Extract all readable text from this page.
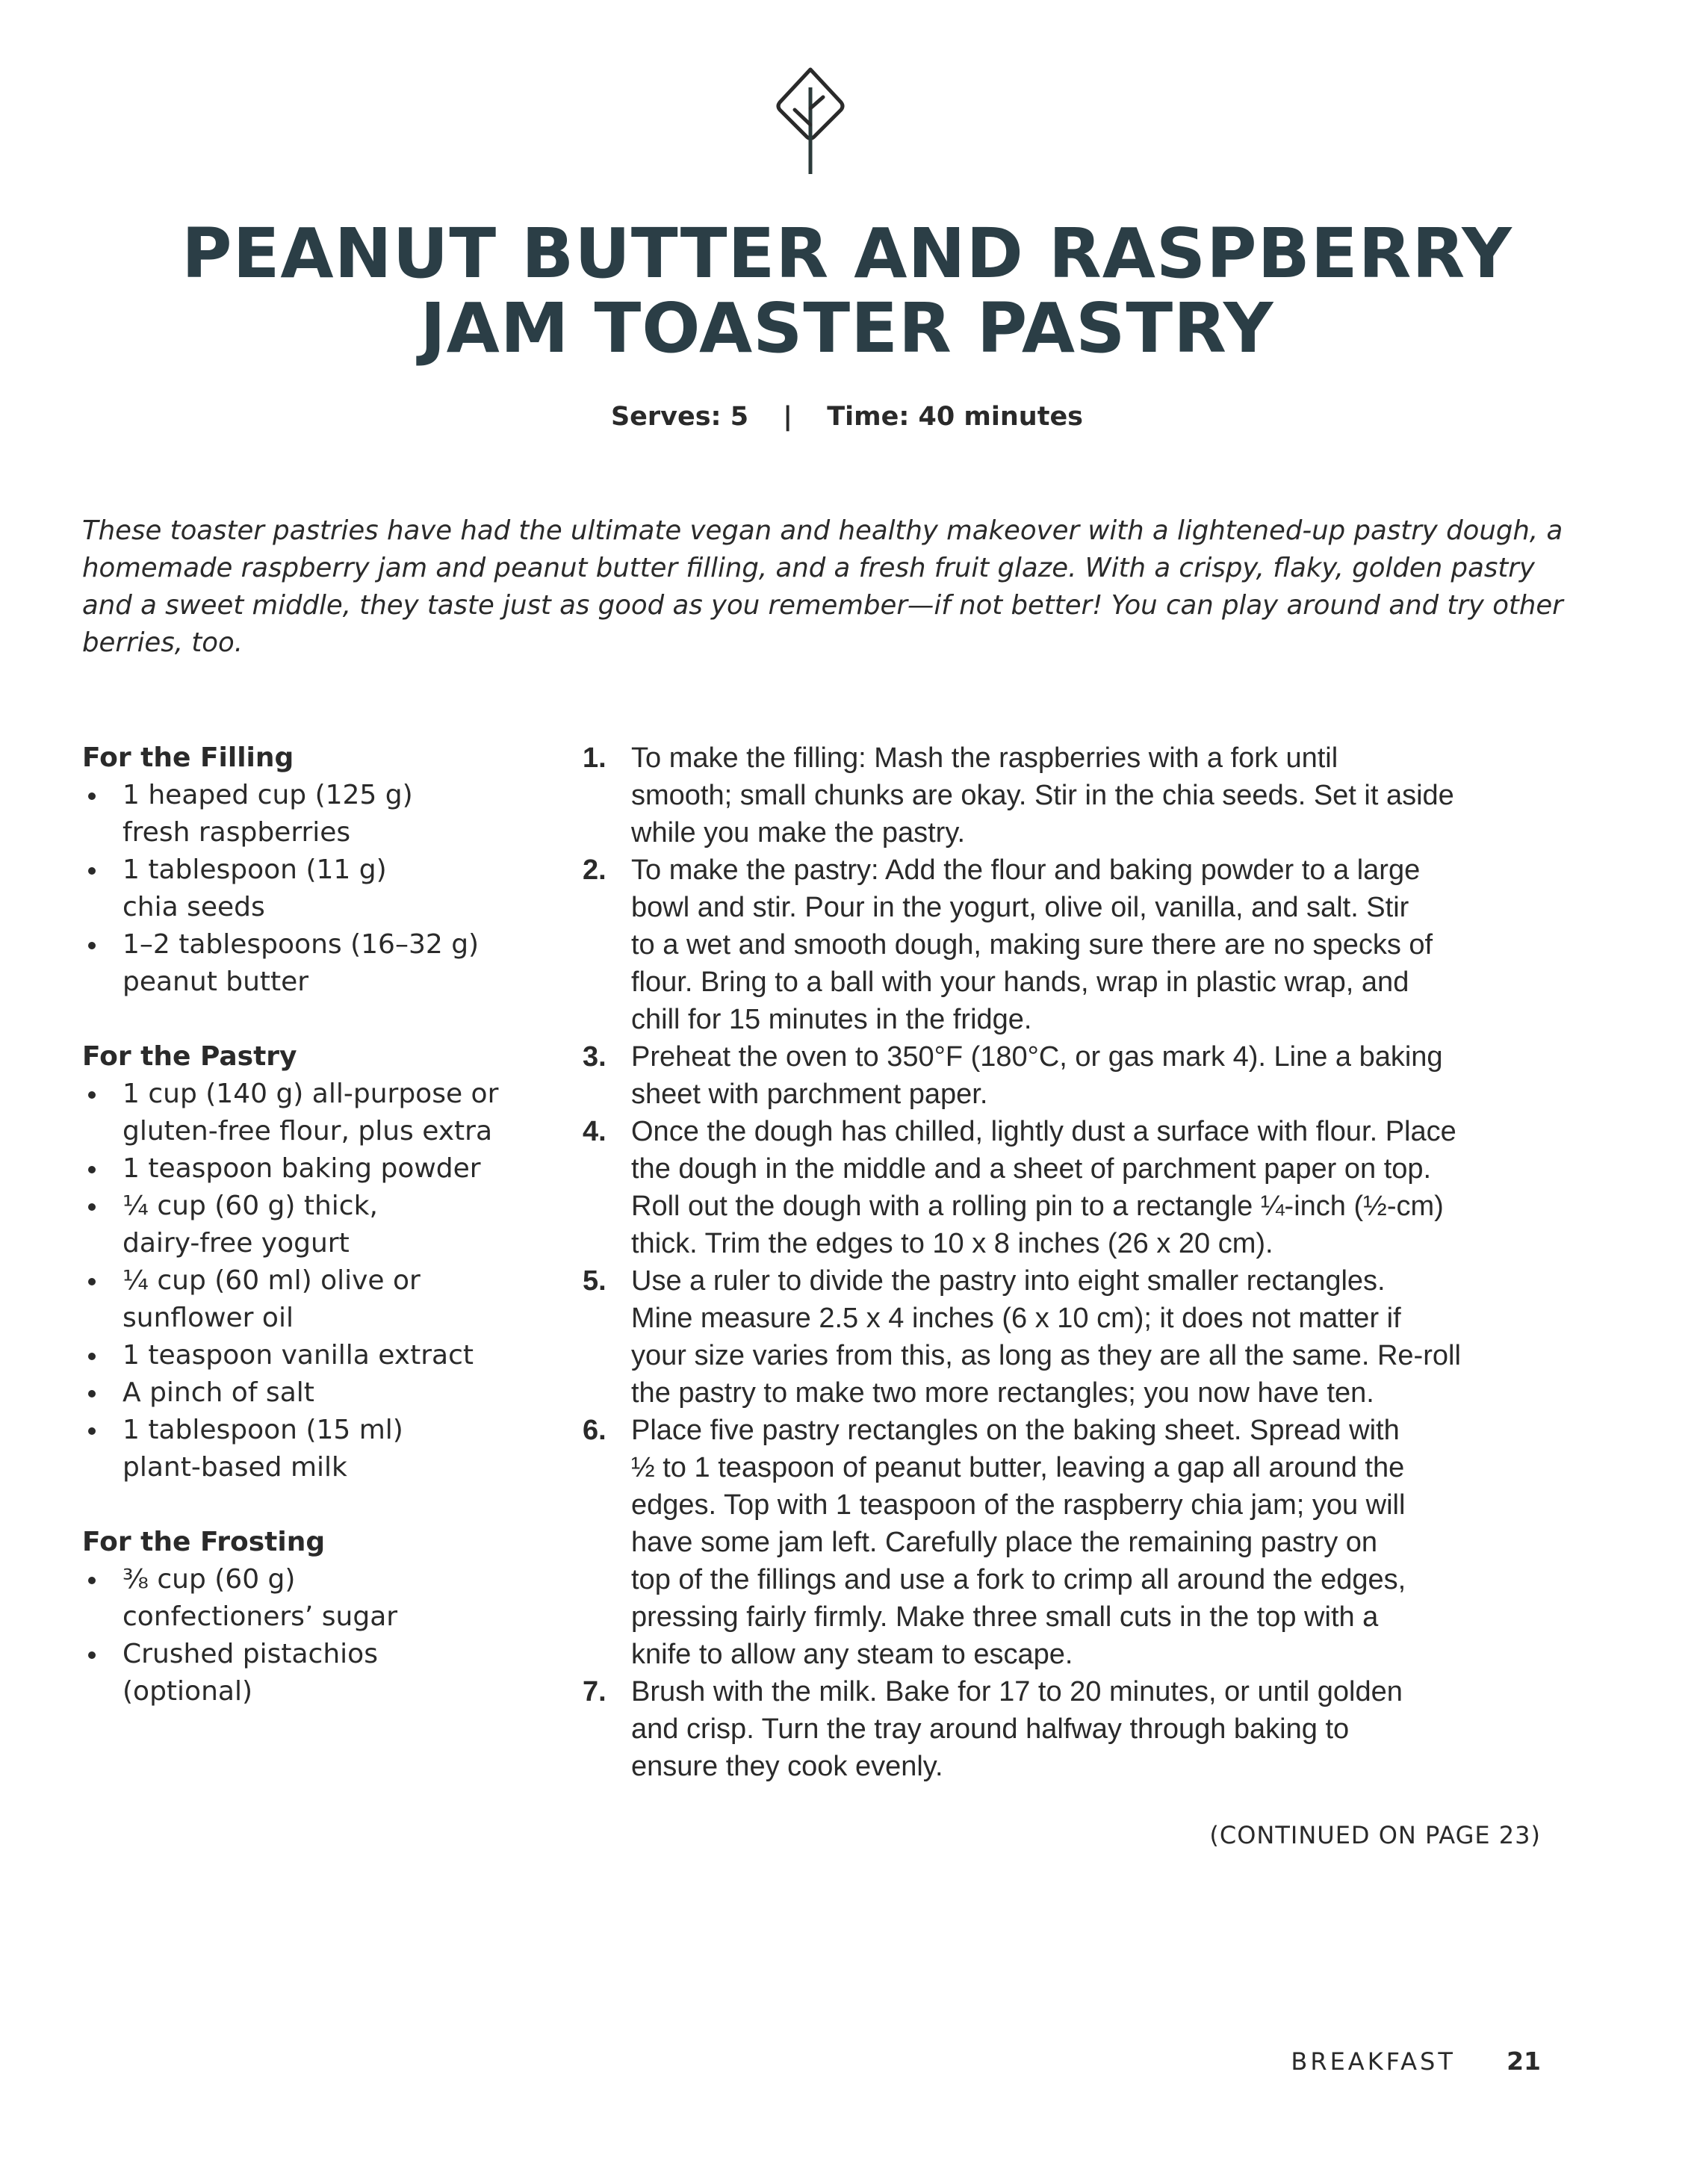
PEANUT BUTTER AND RASPBERRY
JAM TOASTER PASTRY
Serves: 5 | Time: 40 minutes

These toaster pastries have had the ultimate vegan and healthy makeover with a lightened-up pastry dough, a homemade raspberry jam and peanut butter filling, and a fresh fruit glaze. With a crispy, flaky, golden pastry and a sweet middle, they taste just as good as you remember—if not better! You can play around and try other berries, too.

For the Filling
1 heaped cup (125 g)
fresh raspberries
1 tablespoon (11 g)
chia seeds
1–2 tablespoons (16–32 g)
peanut butter
For the Pastry
1 cup (140 g) all-purpose or
gluten-free flour, plus extra
1 teaspoon baking powder
¼ cup (60 g) thick,
dairy-free yogurt
¼ cup (60 ml) olive or
sunflower oil
1 teaspoon vanilla extract
A pinch of salt
1 tablespoon (15 ml)
plant-based milk
For the Frosting
⅜ cup (60 g)
confectioners’ sugar
Crushed pistachios
(optional)
1. To make the filling: Mash the raspberries with a fork until
smooth; small chunks are okay. Stir in the chia seeds. Set it aside
while you make the pastry.
2. To make the pastry: Add the flour and baking powder to a large
bowl and stir. Pour in the yogurt, olive oil, vanilla, and salt. Stir
to a wet and smooth dough, making sure there are no specks of
flour. Bring to a ball with your hands, wrap in plastic wrap, and
chill for 15 minutes in the fridge.
3. Preheat the oven to 350°F (180°C, or gas mark 4). Line a baking
sheet with parchment paper.
4. Once the dough has chilled, lightly dust a surface with flour. Place
the dough in the middle and a sheet of parchment paper on top.
Roll out the dough with a rolling pin to a rectangle ¼-inch (½-cm)
thick. Trim the edges to 10 x 8 inches (26 x 20 cm).
5. Use a ruler to divide the pastry into eight smaller rectangles.
Mine measure 2.5 x 4 inches (6 x 10 cm); it does not matter if
your size varies from this, as long as they are all the same. Re-roll
the pastry to make two more rectangles; you now have ten.
6. Place five pastry rectangles on the baking sheet. Spread with
½ to 1 teaspoon of peanut butter, leaving a gap all around the
edges. Top with 1 teaspoon of the raspberry chia jam; you will
have some jam left. Carefully place the remaining pastry on
top of the fillings and use a fork to crimp all around the edges,
pressing fairly firmly. Make three small cuts in the top with a
knife to allow any steam to escape.
7. Brush with the milk. Bake for 17 to 20 minutes, or until golden
and crisp. Turn the tray around halfway through baking to
ensure they cook evenly.
(CONTINUED ON PAGE 23)
BREAKFAST 21
